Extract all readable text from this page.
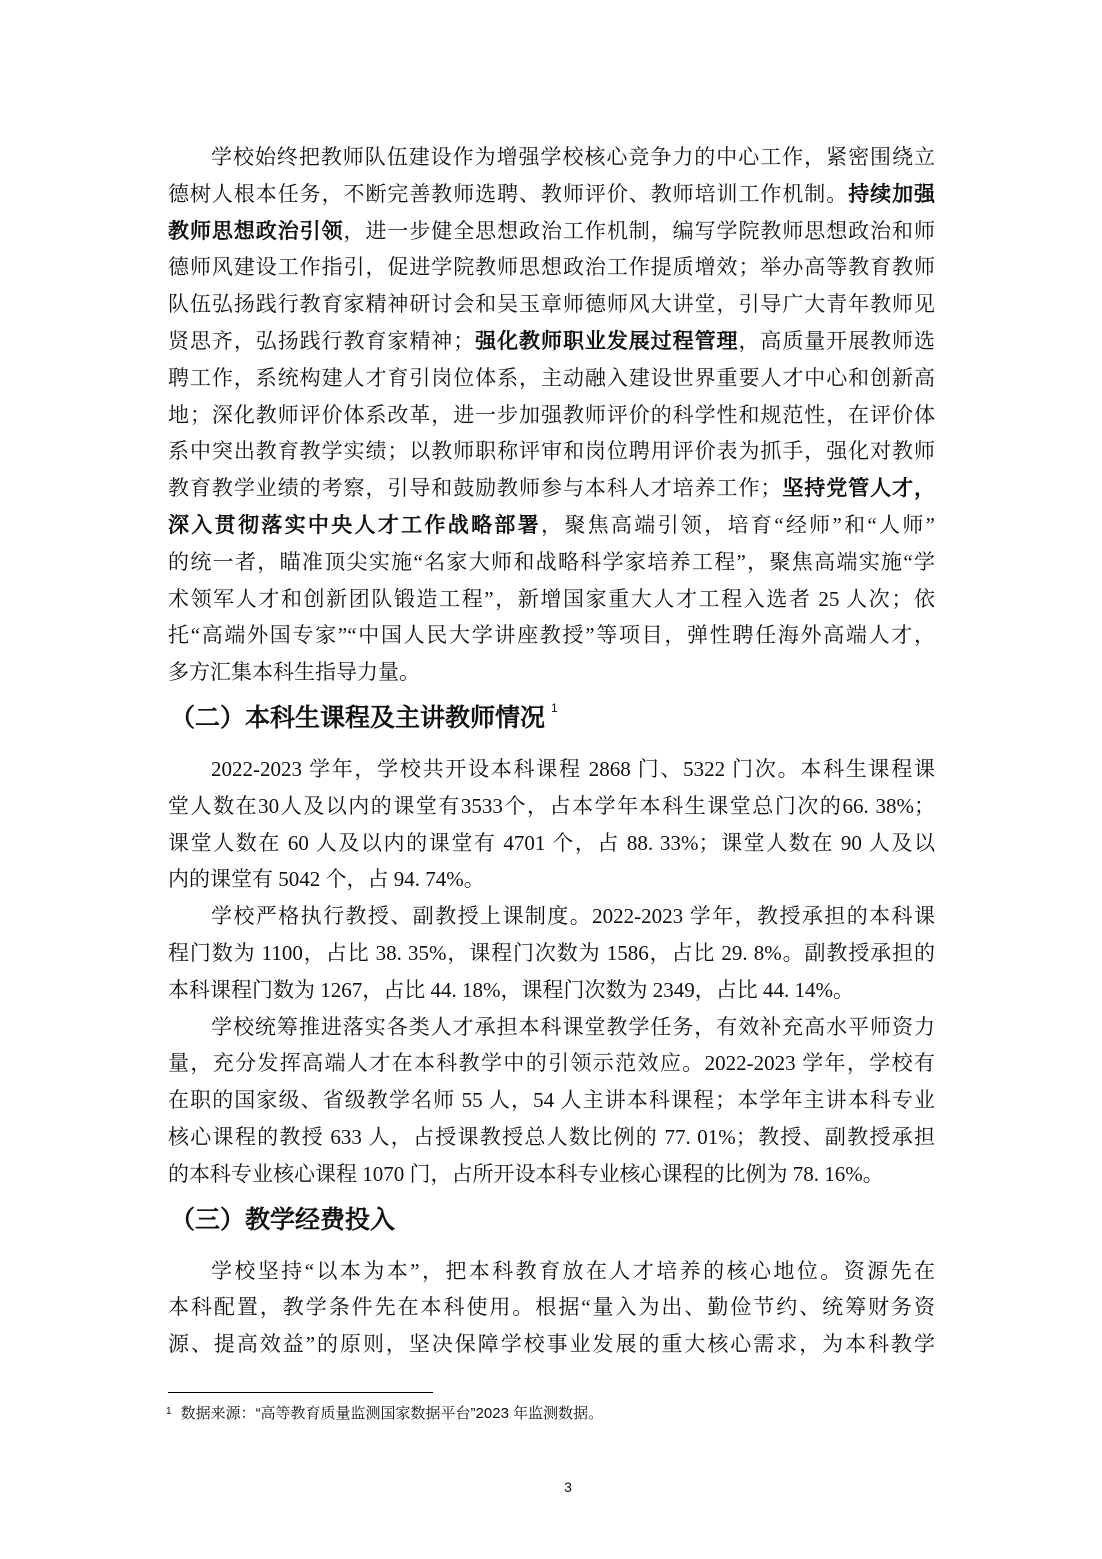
学校始终把教师队伍建设作为增强学校核心竞争力的中心工作，紧密围绕立
德树人根本任务，不断完善教师选聘、教师评价、教师培训工作机制。持续加强
教师思想政治引领，进一步健全思想政治工作机制，编写学院教师思想政治和师
德师风建设工作指引，促进学院教师思想政治工作提质增效；举办高等教育教师
队伍弘扬践行教育家精神研讨会和吴玉章师德师风大讲堂，引导广大青年教师见
贤思齐，弘扬践行教育家精神；强化教师职业发展过程管理，高质量开展教师选
聘工作，系统构建人才育引岗位体系，主动融入建设世界重要人才中心和创新高
地；深化教师评价体系改革，进一步加强教师评价的科学性和规范性，在评价体
系中突出教育教学实绩；以教师职称评审和岗位聘用评价表为抓手，强化对教师
教育教学业绩的考察，引导和鼓励教师参与本科人才培养工作；坚持党管人才，
深入贯彻落实中央人才工作战略部署，聚焦高端引领，培育“经师”和“人师”
的统一者，瞄准顶尖实施“名家大师和战略科学家培养工程”，聚焦高端实施“学
术领军人才和创新团队锻造工程”，新增国家重大人才工程入选者 25 人次；依
托“高端外国专家”“中国人民大学讲座教授”等项目，弹性聘任海外高端人才，
多方汇集本科生指导力量。
（二）本科生课程及主讲教师情况 1
2022-2023 学年，学校共开设本科课程 2868 门、5322 门次。本科生课程课
堂人数在30人及以内的课堂有3533个，占本学年本科生课堂总门次的66. 38%；
课堂人数在 60 人及以内的课堂有 4701 个，占 88. 33%；课堂人数在 90 人及以
内的课堂有 5042 个，占 94. 74%。
学校严格执行教授、副教授上课制度。2022-2023 学年，教授承担的本科课
程门数为 1100，占比 38. 35%，课程门次数为 1586，占比 29. 8%。副教授承担的
本科课程门数为 1267，占比 44. 18%，课程门次数为 2349，占比 44. 14%。
学校统筹推进落实各类人才承担本科课堂教学任务，有效补充高水平师资力
量，充分发挥高端人才在本科教学中的引领示范效应。2022-2023 学年，学校有
在职的国家级、省级教学名师 55 人，54 人主讲本科课程；本学年主讲本科专业
核心课程的教授 633 人，占授课教授总人数比例的 77. 01%；教授、副教授承担
的本科专业核心课程 1070 门，占所开设本科专业核心课程的比例为 78. 16%。
（三）教学经费投入
学校坚持“以本为本”，把本科教育放在人才培养的核心地位。资源先在
本科配置，教学条件先在本科使用。根据“量入为出、勤俭节约、统筹财务资
源、提高效益”的原则，坚决保障学校事业发展的重大核心需求，为本科教学
1 数据来源：“高等教育质量监测国家数据平台”2023 年监测数据。
3
